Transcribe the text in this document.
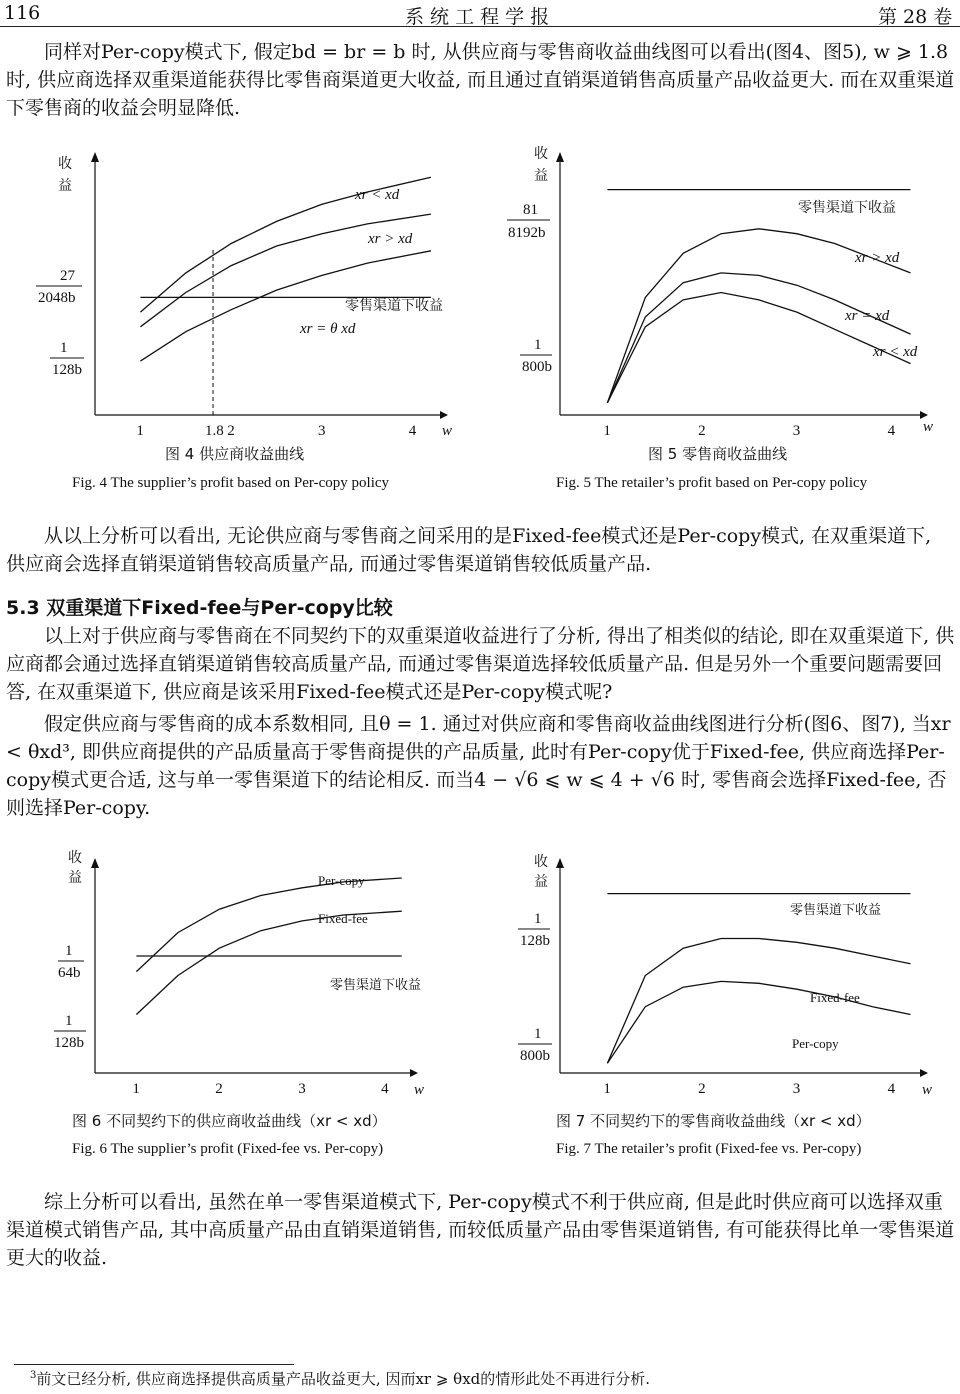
116	系 统 工 程 学 报	第 28 卷

同样对Per-copy模式下, 假定bd = br = b 时, 从供应商与零售商收益曲线图可以看出(图4、图5), w ⩾ 1.8时, 供应商选择双重渠道能获得比零售商渠道更大收益, 而且通过直销渠道销售高质量产品收益更大. 而在双重渠道下零售商的收益会明显降低.

收
益
w
27
2048b
1
128b
1	1.8 2	3	4
xr < xd
xr > xd
xr = θ xd
零售渠道下收益
图 4 供应商收益曲线
Fig. 4 The supplier’s profit based on Per-copy policy
收
益
w
81
8192b
1
800b
1	2	3	4
零售渠道下收益
xr > xd
xr = xd
xr < xd
图 5 零售商收益曲线
Fig. 5 The retailer’s profit based on Per-copy policy

从以上分析可以看出, 无论供应商与零售商之间采用的是Fixed-fee模式还是Per-copy模式, 在双重渠道下, 供应商会选择直销渠道销售较高质量产品, 而通过零售渠道销售较低质量产品.

5.3 双重渠道下Fixed-fee与Per-copy比较

以上对于供应商与零售商在不同契约下的双重渠道收益进行了分析, 得出了相类似的结论, 即在双重渠道下, 供应商都会通过选择直销渠道销售较高质量产品, 而通过零售渠道选择较低质量产品. 但是另外一个重要问题需要回答, 在双重渠道下, 供应商是该采用Fixed-fee模式还是Per-copy模式呢?

假定供应商与零售商的成本系数相同, 且θ = 1. 通过对供应商和零售商收益曲线图进行分析(图6、图7), 当xr < θxd³, 即供应商提供的产品质量高于零售商提供的产品质量, 此时有Per-copy优于Fixed-fee, 供应商选择Per-copy模式更合适, 这与单一零售渠道下的结论相反. 而当4 − √6 ⩽ w ⩽ 4 + √6 时, 零售商会选择Fixed-fee, 否则选择Per-copy.

收
益
w
1
64b
1
128b
1	2	3	4
Per-copy
Fixed-fee
零售渠道下收益
图 6 不同契约下的供应商收益曲线（xr < xd）
Fig. 6 The supplier’s profit (Fixed-fee vs. Per-copy)
收
益
w
1
128b
1
800b
1	2	3	4
零售渠道下收益
Fixed-fee
Per-copy
图 7 不同契约下的零售商收益曲线（xr < xd）
Fig. 7 The retailer’s profit (Fixed-fee vs. Per-copy)

综上分析可以看出, 虽然在单一零售渠道模式下, Per-copy模式不利于供应商, 但是此时供应商可以选择双重渠道模式销售产品, 其中高质量产品由直销渠道销售, 而较低质量产品由零售渠道销售, 有可能获得比单一零售渠道更大的收益.

$^3$前文已经分析, 供应商选择提供高质量产品收益更大, 因而xr ⩾ θxd的情形此处不再进行分析.
